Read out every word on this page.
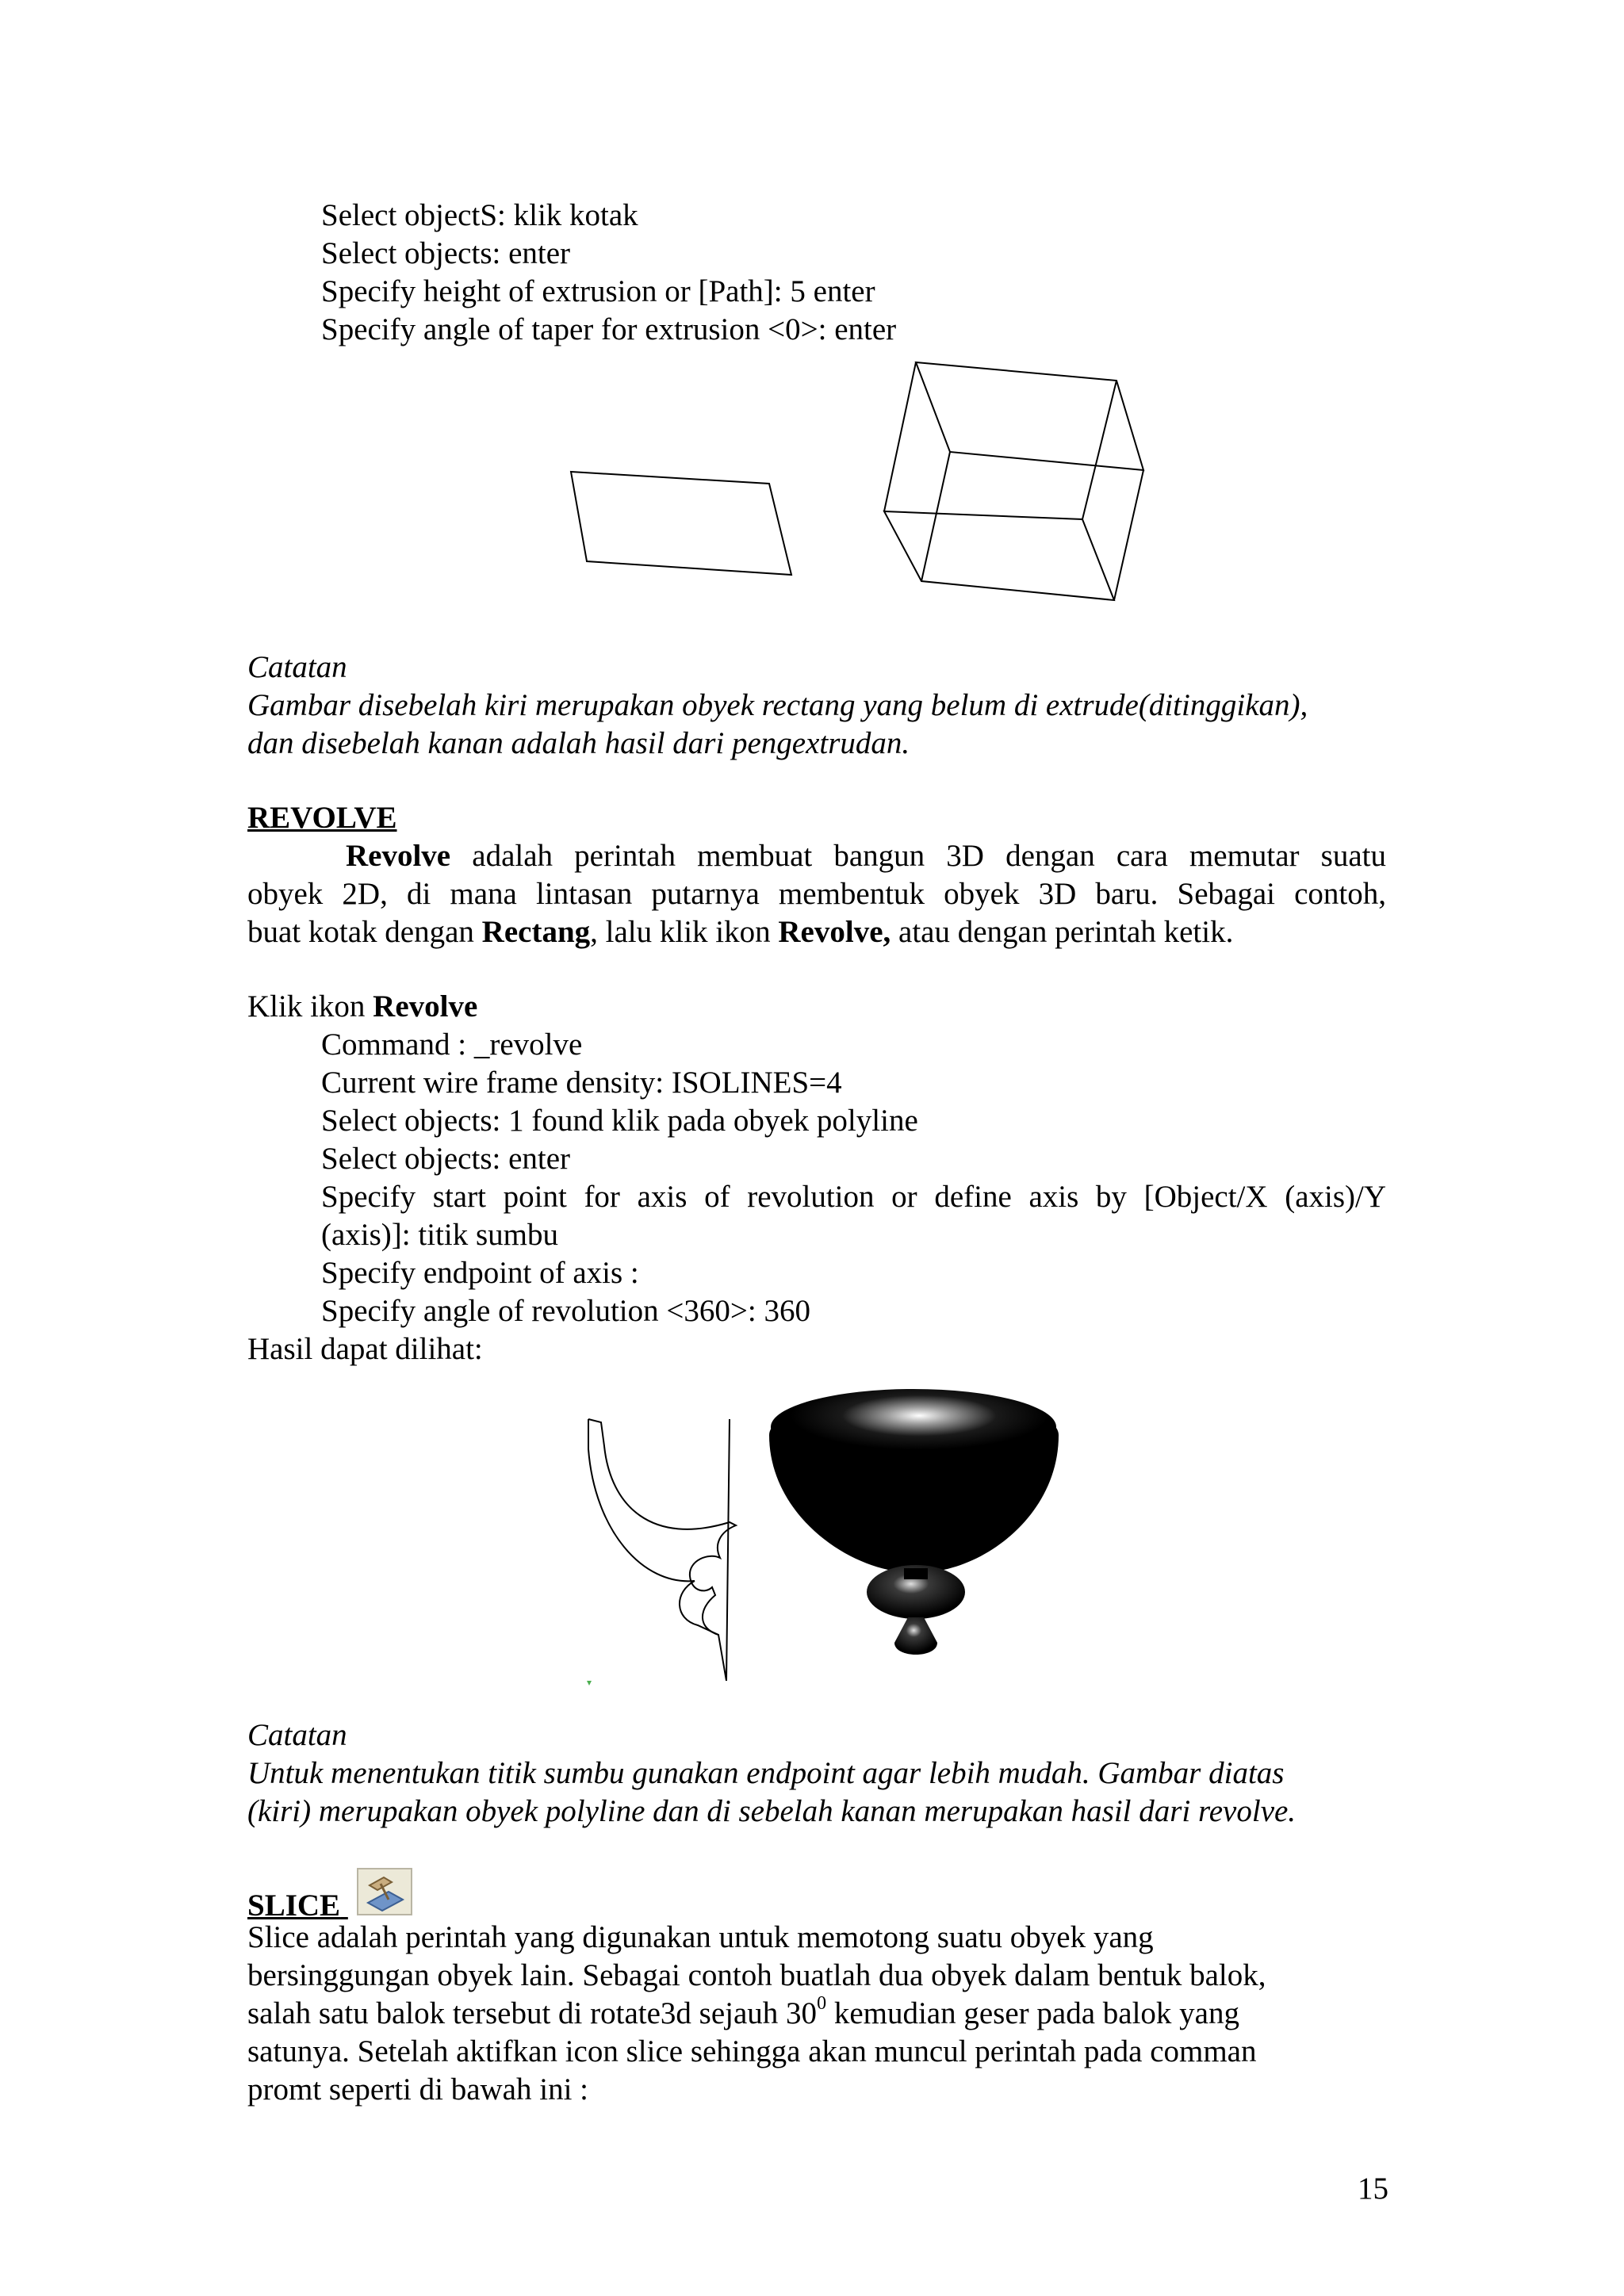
Select objectS: klik kotak
Select objects: enter
Specify height of extrusion or [Path]: 5 enter
Specify angle of taper for extrusion <0>: enter
Catatan
Gambar disebelah kiri merupakan obyek rectang yang belum di extrude(ditinggikan),
dan disebelah kanan adalah hasil dari pengextrudan.
REVOLVE
Revolve adalah perintah membuat bangun 3D dengan cara memutar suatu
obyek 2D, di mana lintasan putarnya membentuk obyek 3D baru. Sebagai contoh,
buat kotak dengan Rectang, lalu klik ikon Revolve, atau dengan perintah ketik.
Klik ikon Revolve
Command : _revolve
Current wire frame density: ISOLINES=4
Select objects: 1 found klik pada obyek polyline
Select objects: enter
Specify start point for axis of revolution or define axis by [Object/X (axis)/Y
(axis)]: titik sumbu
Specify endpoint of axis :
Specify angle of revolution <360>: 360
Hasil dapat dilihat:
Catatan
Untuk menentukan titik sumbu gunakan endpoint agar lebih mudah. Gambar diatas
(kiri) merupakan obyek polyline dan di sebelah kanan merupakan hasil dari revolve.
SLICE
Slice adalah perintah yang digunakan untuk memotong suatu obyek yang
bersinggungan obyek lain. Sebagai contoh buatlah dua obyek dalam bentuk balok,
salah satu balok tersebut di rotate3d sejauh $30^0$ kemudian geser pada balok yang
satunya. Setelah aktifkan icon slice sehingga akan muncul perintah pada comman
promt seperti di bawah ini :
15
